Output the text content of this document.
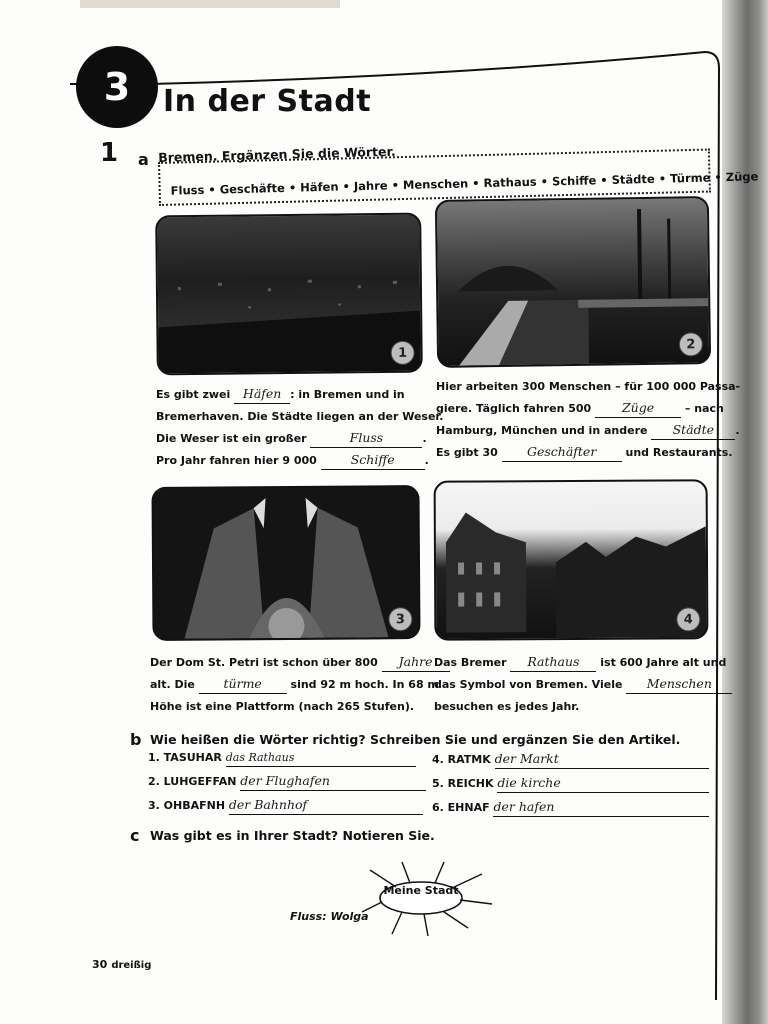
3 In der Stadt
1 a Bremen. Ergänzen Sie die Wörter.
Fluss • Geschäfte • Häfen • Jahre • Menschen • Rathaus • Schiffe • Städte • Türme • Züge
1
2
3	4
Es gibt zwei Häfen : in Bremen und in
Bremerhaven. Die Städte liegen an der Weser.
Die Weser ist ein großer	Fluss	.
Pro Jahr fahren hier 9 000	Schiffe	.
Hier arbeiten 300 Menschen – für 100 000 Passa-
giere. Täglich fahren 500 Züge	– nach
Hamburg, München und in andere Städte .
Es gibt 30 Geschäfter	und Restaurants.
Der Dom St. Petri ist schon über 800 Jahre
alt. Die türme	sind 92 m hoch. In 68 m
Höhe ist eine Plattform (nach 265 Stufen).
Das Bremer Rathaus ist 600 Jahre alt und
das Symbol von Bremen. Viele Menschen
besuchen es jedes Jahr.
b Wie heißen die Wörter richtig? Schreiben Sie und ergänzen Sie den Artikel.
1. TASUHAR das Rathaus
2. LUHGEFFAN der Flughafen
3. OHBAFNH der Bahnhof
4. RATMK der Markt
5. REICHK die kirche
6. EHNAF der hafen
c Was gibt es in Ihrer Stadt? Notieren Sie.
Meine Stadt
Fluss: Wolga
30 dreißig
